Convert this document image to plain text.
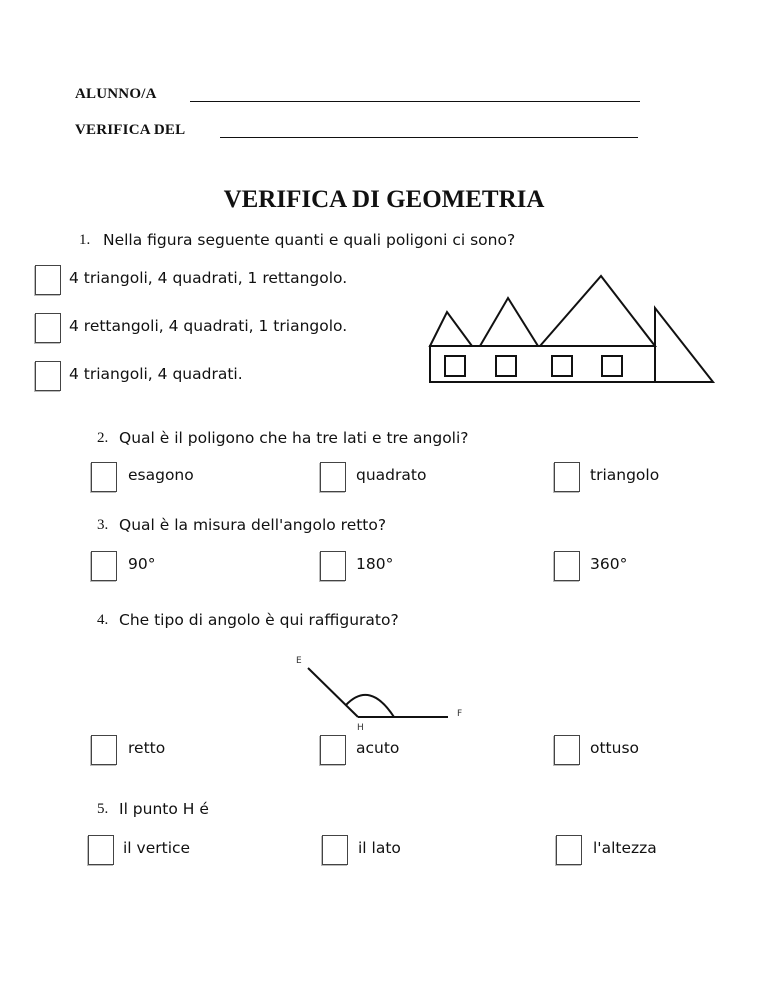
ALUNNO/A
VERIFICA DEL
VERIFICA DI GEOMETRIA
1. Nella figura seguente quanti e quali poligoni ci sono?
4 triangoli, 4 quadrati, 1 rettangolo.
4 rettangoli, 4 quadrati, 1 triangolo.
4 triangoli, 4 quadrati.
2. Qual è il poligono che ha tre lati e tre angoli?
esagono	quadrato	triangolo
3. Qual è la misura dell'angolo retto?
90°	180°	360°
4. Che tipo di angolo è qui raffigurato?
E
H
F
retto	acuto	ottuso
5. Il punto H é
il vertice	il lato	l'altezza
